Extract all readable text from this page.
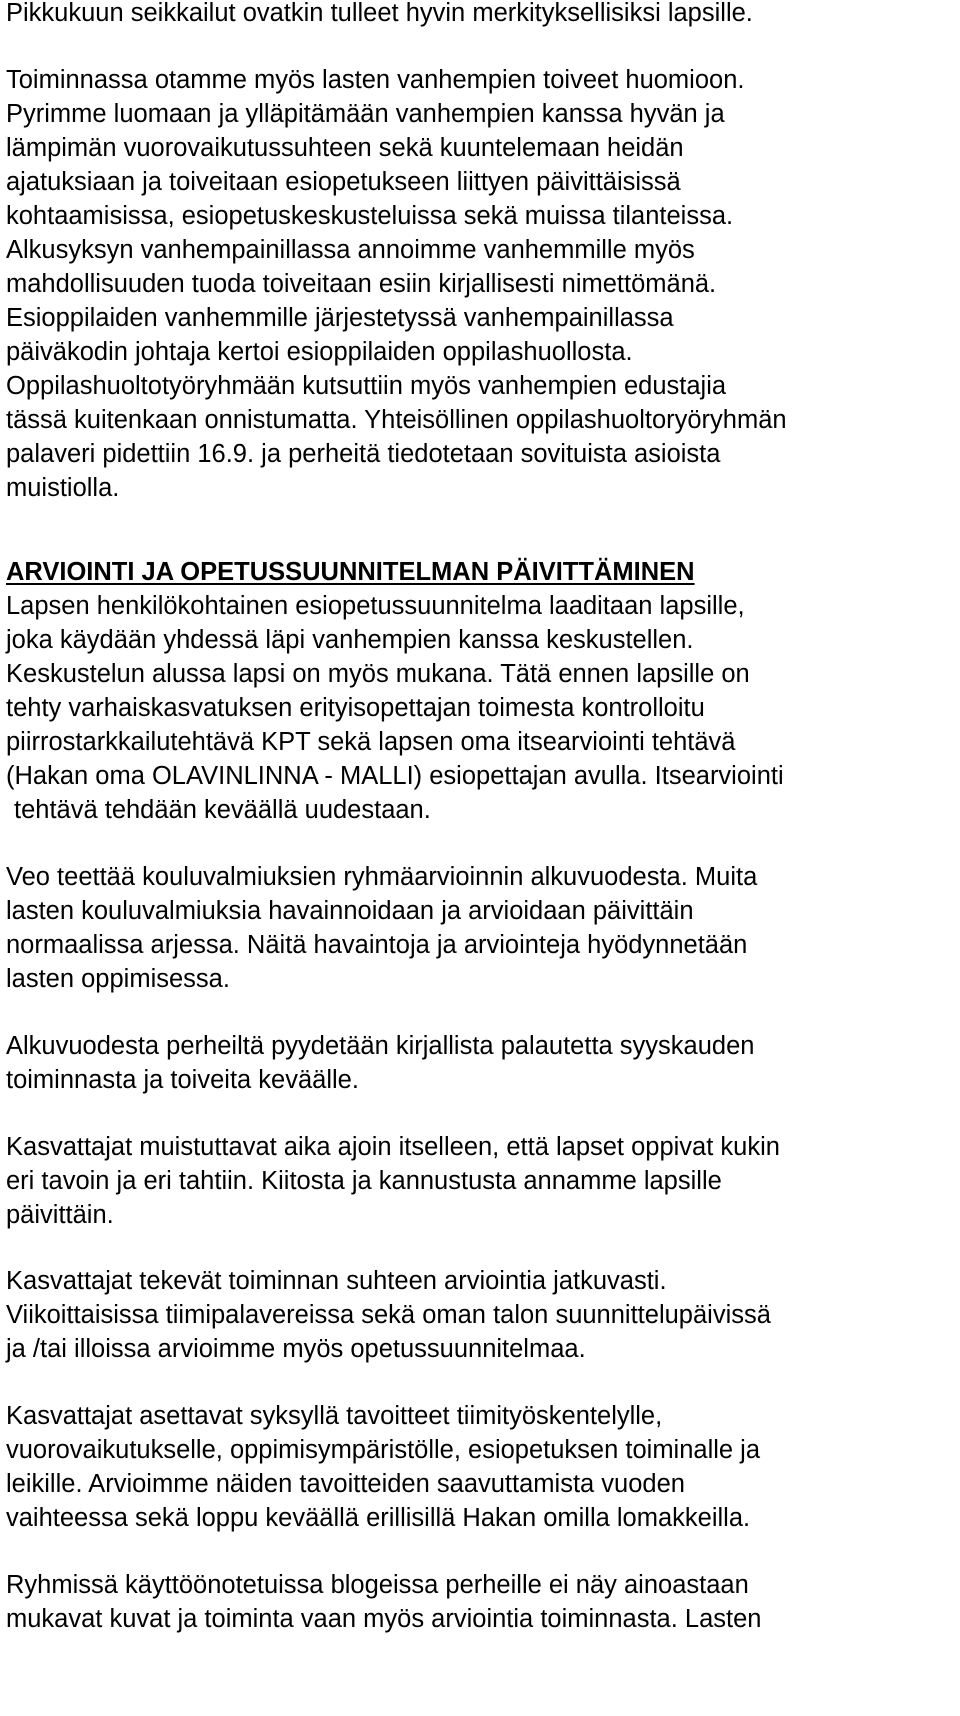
Pikkukuun seikkailut ovatkin tulleet hyvin merkityksellisiksi lapsille.
Toiminnassa otamme myös lasten vanhempien toiveet huomioon.
Pyrimme luomaan ja ylläpitämään vanhempien kanssa hyvän ja
lämpimän vuorovaikutussuhteen sekä kuuntelemaan heidän
ajatuksiaan ja toiveitaan esiopetukseen liittyen päivittäisissä
kohtaamisissa, esiopetuskeskusteluissa sekä muissa tilanteissa.
Alkusyksyn vanhempainillassa annoimme vanhemmille myös
mahdollisuuden tuoda toiveitaan esiin kirjallisesti nimettömänä.
Esioppilaiden vanhemmille järjestetyssä vanhempainillassa
päiväkodin johtaja kertoi esioppilaiden oppilashuollosta.
Oppilashuoltotyöryhmään kutsuttiin myös vanhempien edustajia
tässä kuitenkaan onnistumatta. Yhteisöllinen oppilashuoltoryöryhmän
palaveri pidettiin 16.9. ja perheitä tiedotetaan sovituista asioista
muistiolla.
ARVIOINTI JA OPETUSSUUNNITELMAN PÄIVITTÄMINEN
Lapsen henkilökohtainen esiopetussuunnitelma laaditaan lapsille,
joka käydään yhdessä läpi vanhempien kanssa keskustellen.
Keskustelun alussa lapsi on myös mukana. Tätä ennen lapsille on
tehty varhaiskasvatuksen erityisopettajan toimesta kontrolloitu
piirrostarkkailutehtävä KPT sekä lapsen oma itsearviointi tehtävä
(Hakan oma OLAVINLINNA - MALLI) esiopettajan avulla. Itsearviointi
tehtävä tehdään keväällä uudestaan.
Veo teettää kouluvalmiuksien ryhmäarvioinnin alkuvuodesta. Muita
lasten kouluvalmiuksia havainnoidaan ja arvioidaan päivittäin
normaalissa arjessa. Näitä havaintoja ja arviointeja hyödynnetään
lasten oppimisessa.
Alkuvuodesta perheiltä pyydetään kirjallista palautetta syyskauden
toiminnasta ja toiveita keväälle.
Kasvattajat muistuttavat aika ajoin itselleen, että lapset oppivat kukin
eri tavoin ja eri tahtiin. Kiitosta ja kannustusta annamme lapsille
päivittäin.
Kasvattajat tekevät toiminnan suhteen arviointia jatkuvasti.
Viikoittaisissa tiimipalavereissa sekä oman talon suunnittelupäivissä
ja /tai illoissa arvioimme myös opetussuunnitelmaa.
Kasvattajat asettavat syksyllä tavoitteet tiimityöskentelylle,
vuorovaikutukselle, oppimisympäristölle, esiopetuksen toiminalle ja
leikille. Arvioimme näiden tavoitteiden saavuttamista vuoden
vaihteessa sekä loppu keväällä erillisillä Hakan omilla lomakkeilla.
Ryhmissä käyttöönotetuissa blogeissa perheille ei näy ainoastaan
mukavat kuvat ja toiminta vaan myös arviointia toiminnasta. Lasten
